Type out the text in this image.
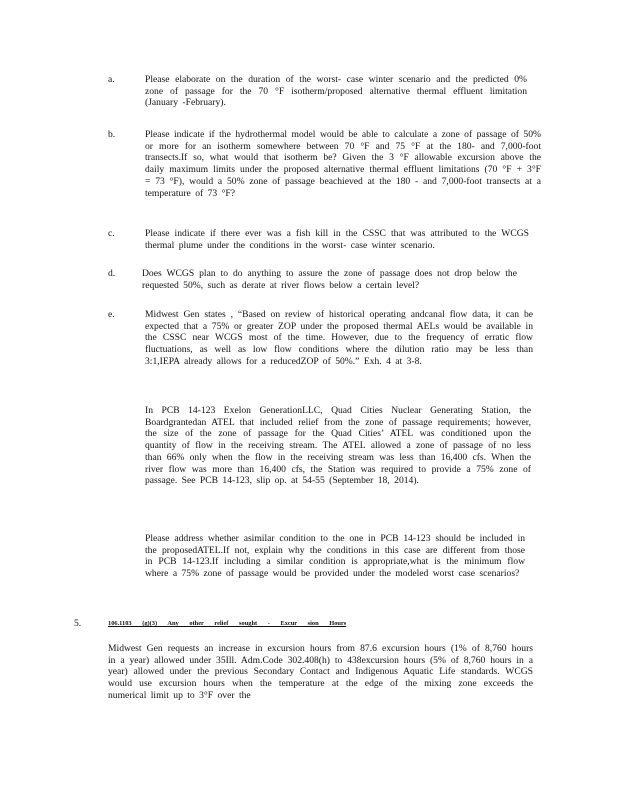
a.	Please elaborate on the duration of the worst- case winter scenario and the predicted 0% zone of passage for the 70 °F isotherm/proposed alternative thermal effluent limitation (January -February).
b.	Please indicate if the hydrothermal model would be able to calculate a zone of passage of 50% or more for an isotherm somewhere between 70 °F and 75 °F at the 180- and 7,000-foot transects.If so, what would that isotherm be? Given the 3 °F allowable excursion above the daily maximum limits under the proposed alternative thermal effluent limitations (70 °F + 3°F = 73 °F), would a 50% zone of passage beachieved at the 180 - and 7,000-foot transects at a temperature of 73 °F?
c.	Please indicate if there ever was a fish kill in the CSSC that was attributed to the WCGS thermal plume under the conditions in the worst- case winter scenario.
d.	Does WCGS plan to do anything to assure the zone of passage does not drop below the requested 50%, such as derate at river flows below a certain level?
e.	Midwest Gen states , “Based on review of historical operating andcanal flow data, it can be expected that a 75% or greater ZOP under the proposed thermal AELs would be available in the CSSC near WCGS most of the time. However, due to the frequency of erratic flow fluctuations, as well as low flow conditions where the dilution ratio may be less than 3:1,IEPA already allows for a reducedZOP of 50%.” Exh. 4 at 3-8.
In PCB 14-123 Exelon GenerationLLC, Quad Cities Nuclear Generating Station, the Boardgrantedan ATEL that included relief from the zone of passage requirements; however, the size of the zone of passage for the Quad Cities’ ATEL was conditioned upon the quantity of flow in the receiving stream. The ATEL allowed a zone of passage of no less than 66% only when the flow in the receiving stream was less than 16,400 cfs. When the river flow was more than 16,400 cfs, the Station was required to provide a 75% zone of passage. See PCB 14-123, slip op. at 54-55 (September 18, 2014).
Please address whether asimilar condition to the one in PCB 14-123 should be included in the proposedATEL.If not, explain why the conditions in this case are different from those in PCB 14-123.If including a similar condition is appropriate,what is the minimum flow where a 75% zone of passage would be provided under the modeled worst case scenarios?
5.	106.1103 (g)(3) Any other relief sought - Excur sion Hours
Midwest Gen requests an increase in excursion hours from 87.6 excursion hours (1% of 8,760 hours in a year) allowed under 35Ill. Adm.Code 302.408(h) to 438excursion hours (5% of 8,760 hours in a year) allowed under the previous Secondary Contact and Indigenous Aquatic Life standards. WCGS would use excursion hours when the temperature at the edge of the mixing zone exceeds the numerical limit up to 3°F over the
